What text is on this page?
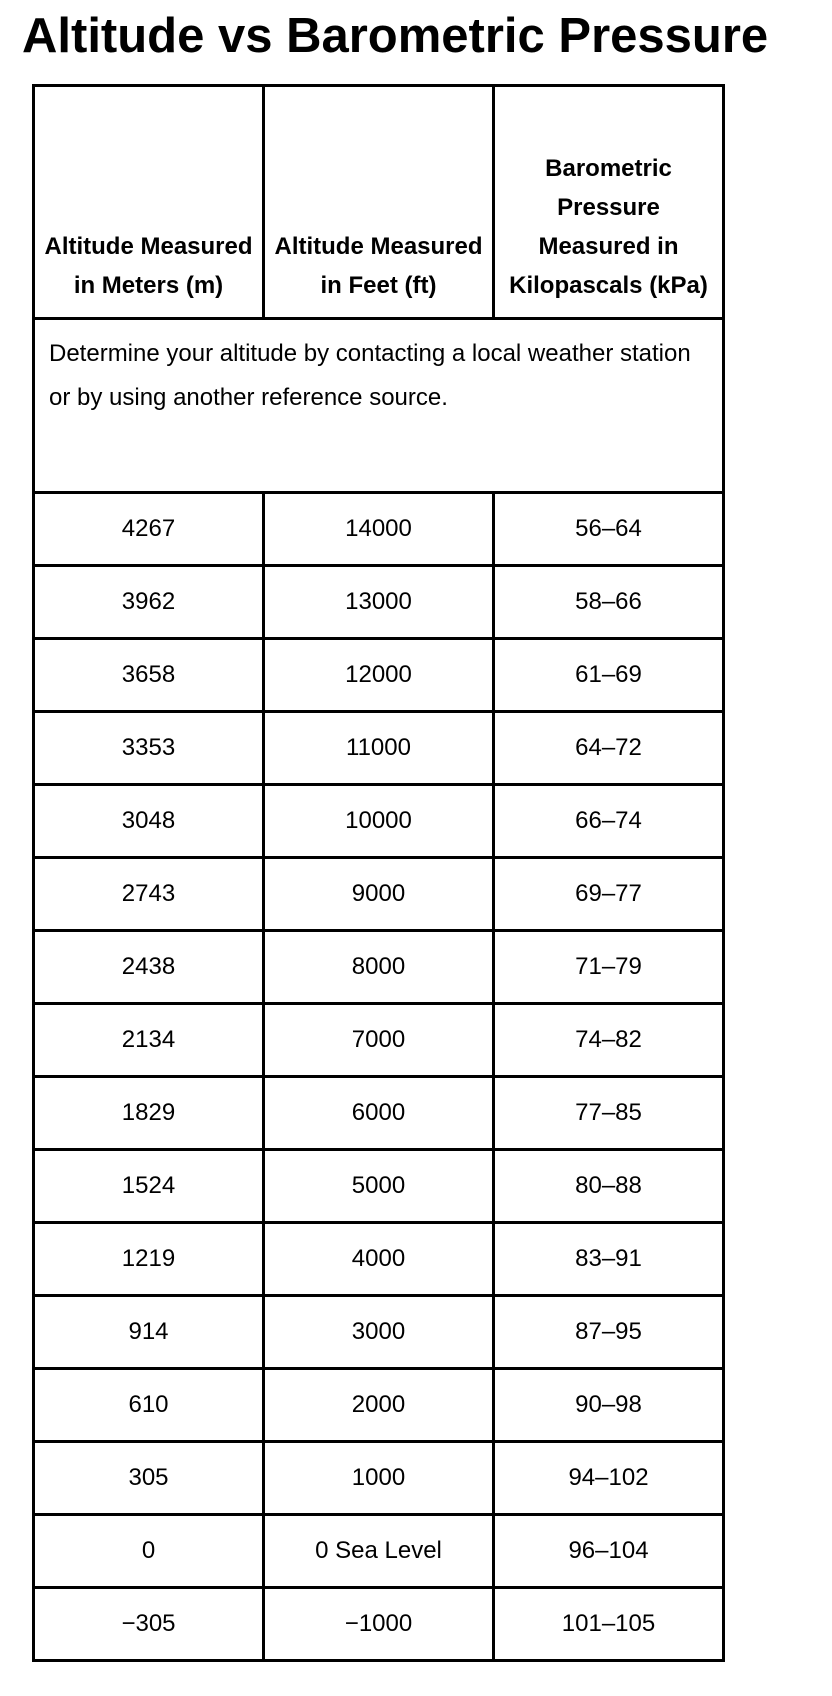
Altitude vs Barometric Pressure
Altitude Measured in Meters (m)	Altitude Measured in Feet (ft)	Barometric Pressure Measured in Kilopascals (kPa)

Determine your altitude by contacting a local weather station or by using another reference source.		
4267	14000	56–64
3962	13000	58–66
3658	12000	61–69
3353	11000	64–72
3048	10000	66–74
2743	9000	69–77
2438	8000	71–79
2134	7000	74–82
1829	6000	77–85
1524	5000	80–88
1219	4000	83–91
914	3000	87–95
610	2000	90–98
305	1000	94–102
0	0 Sea Level	96–104
−305	−1000	101–105
